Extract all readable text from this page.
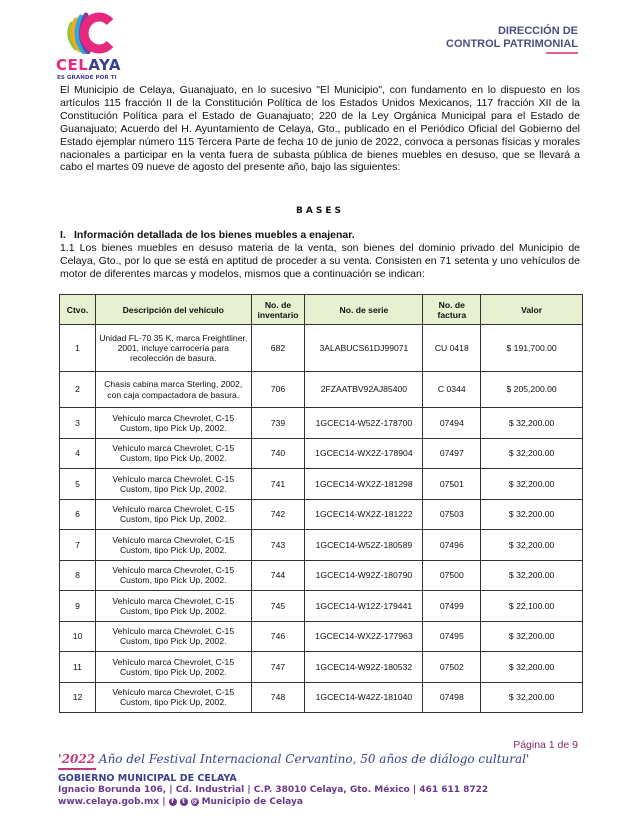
CELAYA
ES GRANDE POR TI
DIRECCIÓN DE
CONTROL PATRIMONIAL

El Municipio de Celaya, Guanajuato, en lo sucesivo "El Municipio", con fundamento en lo dispuesto en los artículos 115 fracción II de la Constitución Política de los Estados Unidos Mexicanos, 117 fracción XII de la Constitución Política para el Estado de Guanajuato; 220 de la Ley Orgánica Municipal para el Estado de Guanajuato; Acuerdo del H. Ayuntamiento de Celaya, Gto., publicado en el Periódico Oficial del Gobierno del Estado ejemplar número 115 Tercera Parte de fecha 10 de junio de 2022, convoca a personas físicas y morales nacionales a participar en la venta fuera de subasta pública de bienes muebles en desuso, que se llevará a cabo el martes 09 nueve de agosto del presente año, bajo las siguientes:

BASES
I. Información detallada de los bienes muebles a enajenar.

1.1 Los bienes muebles en desuso materia de la venta, son bienes del dominio privado del Municipio de Celaya, Gto., por lo que se está en aptitud de proceder a su venta. Consisten en 71 setenta y uno vehículos de motor de diferentes marcas y modelos, mismos que a continuación se indican:

Ctvo.	Descripción del vehículo	No. de inventario	No. de serie	No. de factura	Valor
1	Unidad FL-70 35 K, marca Freightliner, 2001, incluye carrocería para recolección de basura.	682	3ALABUCS61DJ99071	CU 0418	$ 191,700.00
2	Chasis cabina marca Sterling, 2002, con caja compactadora de basura.	706	2FZAATBV92AJ85400	C 0344	$ 205,200.00
3	Vehículo marca Chevrolet, C-15 Custom, tipo Pick Up, 2002.	739	1GCEC14-W52Z-178700	07494	$ 32,200.00
4	Vehículo marca Chevrolet, C-15 Custom, tipo Pick Up, 2002.	740	1GCEC14-WX2Z-178904	07497	$ 32,200.00
5	Vehículo marca Chevrolet, C-15 Custom, tipo Pick Up, 2002.	741	1GCEC14-WX2Z-181298	07501	$ 32,200.00
6	Vehículo marca Chevrolet, C-15 Custom, tipo Pick Up, 2002.	742	1GCEC14-WX2Z-181222	07503	$ 32,200.00
7	Vehículo marca Chevrolet, C-15 Custom, tipo Pick Up, 2002.	743	1GCEC14-W52Z-180589	07496	$ 32,200.00
8	Vehículo marca Chevrolet, C-15 Custom, tipo Pick Up, 2002.	744	1GCEC14-W92Z-180790	07500	$ 32,200.00
9	Vehículo marca Chevrolet, C-15 Custom, tipo Pick Up, 2002.	745	1GCEC14-W12Z-179441	07499	$ 22,100.00
10	Vehículo marca Chevrolet, C-15 Custom, tipo Pick Up, 2002.	746	1GCEC14-WX2Z-177963	07495	$ 32,200.00
11	Vehículo marca Chevrolet, C-15 Custom, tipo Pick Up, 2002.	747	1GCEC14-W92Z-180532	07502	$ 32,200.00
12	Vehículo marca Chevrolet, C-15 Custom, tipo Pick Up, 2002.	748	1GCEC14-W42Z-181040	07498	$ 32,200.00
Página 1 de 9
'2022 Año del Festival Internacional Cervantino, 50 años de diálogo cultural'
GOBIERNO MUNICIPAL DE CELAYA
Ignacio Borunda 106, | Cd. Industrial | C.P. 38010 Celaya, Gto. México | 461 611 8722
www.celaya.gob.mx | f	t	@ Municipio de Celaya
